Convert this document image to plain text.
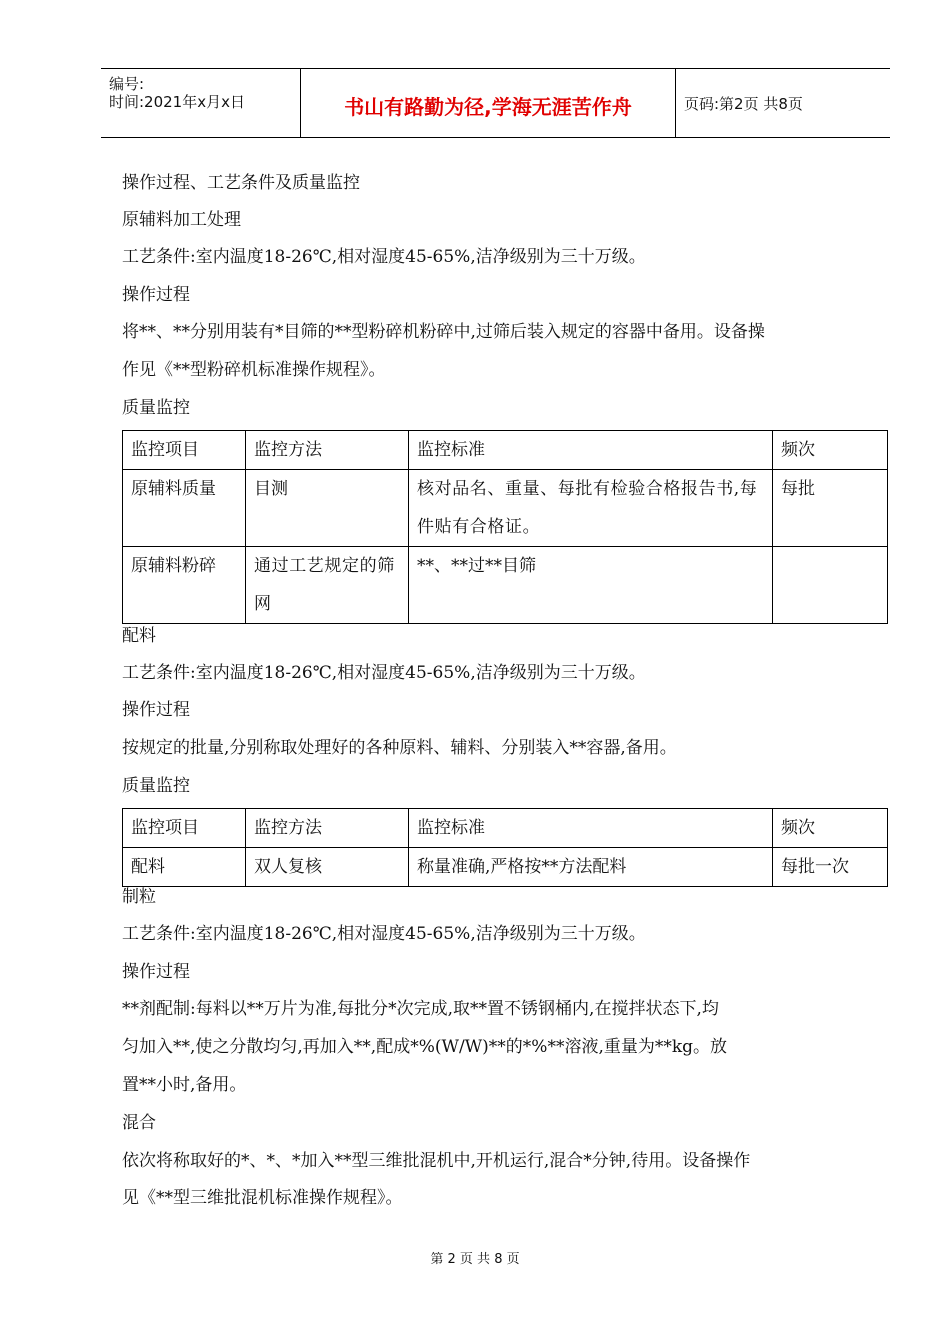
编号:
时间:2021年x月x日	书山有路勤为径,学海无涯苦作舟	页码:第2页 共8页
操作过程、工艺条件及质量监控
原辅料加工处理
工艺条件:室内温度18-26℃,相对湿度45-65%,洁净级别为三十万级。
操作过程
将**、**分别用装有*目筛的**型粉碎机粉碎中,过筛后装入规定的容器中备用。设备操
作见《**型粉碎机标准操作规程》。
质量监控
监控项目	监控方法	监控标准	频次
原辅料质量	目测	核对品名、重量、每批有检验合格报告书,每件贴有合格证。	每批
原辅料粉碎	通过工艺规定的筛网	**、**过**目筛	
配料
工艺条件:室内温度18-26℃,相对湿度45-65%,洁净级别为三十万级。
操作过程
按规定的批量,分别称取处理好的各种原料、辅料、分别装入**容器,备用。
质量监控
监控项目	监控方法	监控标准	频次
配料	双人复核	称量准确,严格按**方法配料	每批一次
制粒
工艺条件:室内温度18-26℃,相对湿度45-65%,洁净级别为三十万级。
操作过程
**剂配制:每料以**万片为准,每批分*次完成,取**置不锈钢桶内,在搅拌状态下,均
匀加入**,使之分散均匀,再加入**,配成*%(W/W)**的*%**溶液,重量为**kg。放
置**小时,备用。
混合
依次将称取好的*、*、*加入**型三维批混机中,开机运行,混合*分钟,待用。设备操作
见《**型三维批混机标准操作规程》。
第 2 页 共 8 页
